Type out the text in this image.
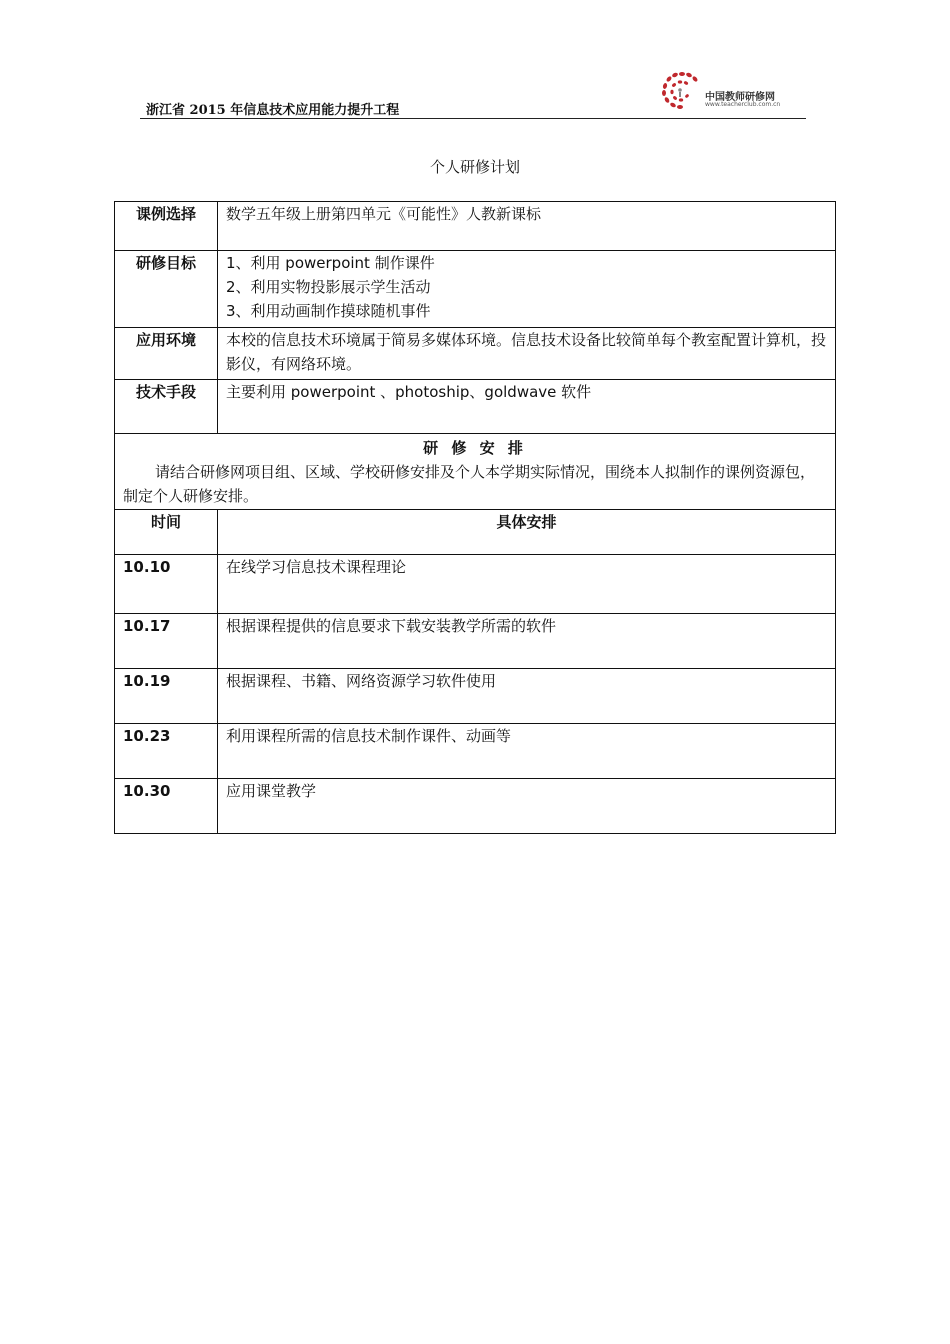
浙江省 2015 年信息技术应用能力提升工程
中国教师研修网
www.teacherclub.com.cn
个人研修计划
课例选择	数学五年级上册第四单元《可能性》人教新课标

研修目标	1、利用 powerpoint 制作课件
2、利用实物投影展示学生活动
3、利用动画制作摸球随机事件

应用环境	本校的信息技术环境属于简易多媒体环境。信息技术设备比较简单每个教室配置计算机，投影仪，有网络环境。

技术手段	主要利用 powerpoint 、photoship、goldwave 软件

研 修 安 排
请结合研修网项目组、区域、学校研修安排及个人本学期实际情况，围绕本人拟制作的课例资源包，制定个人研修安排。	

时间	具体安排
10.10	在线学习信息技术课程理论
10.17	根据课程提供的信息要求下载安装教学所需的软件
10.19	根据课程、书籍、网络资源学习软件使用
10.23	利用课程所需的信息技术制作课件、动画等
10.30	应用课堂教学
